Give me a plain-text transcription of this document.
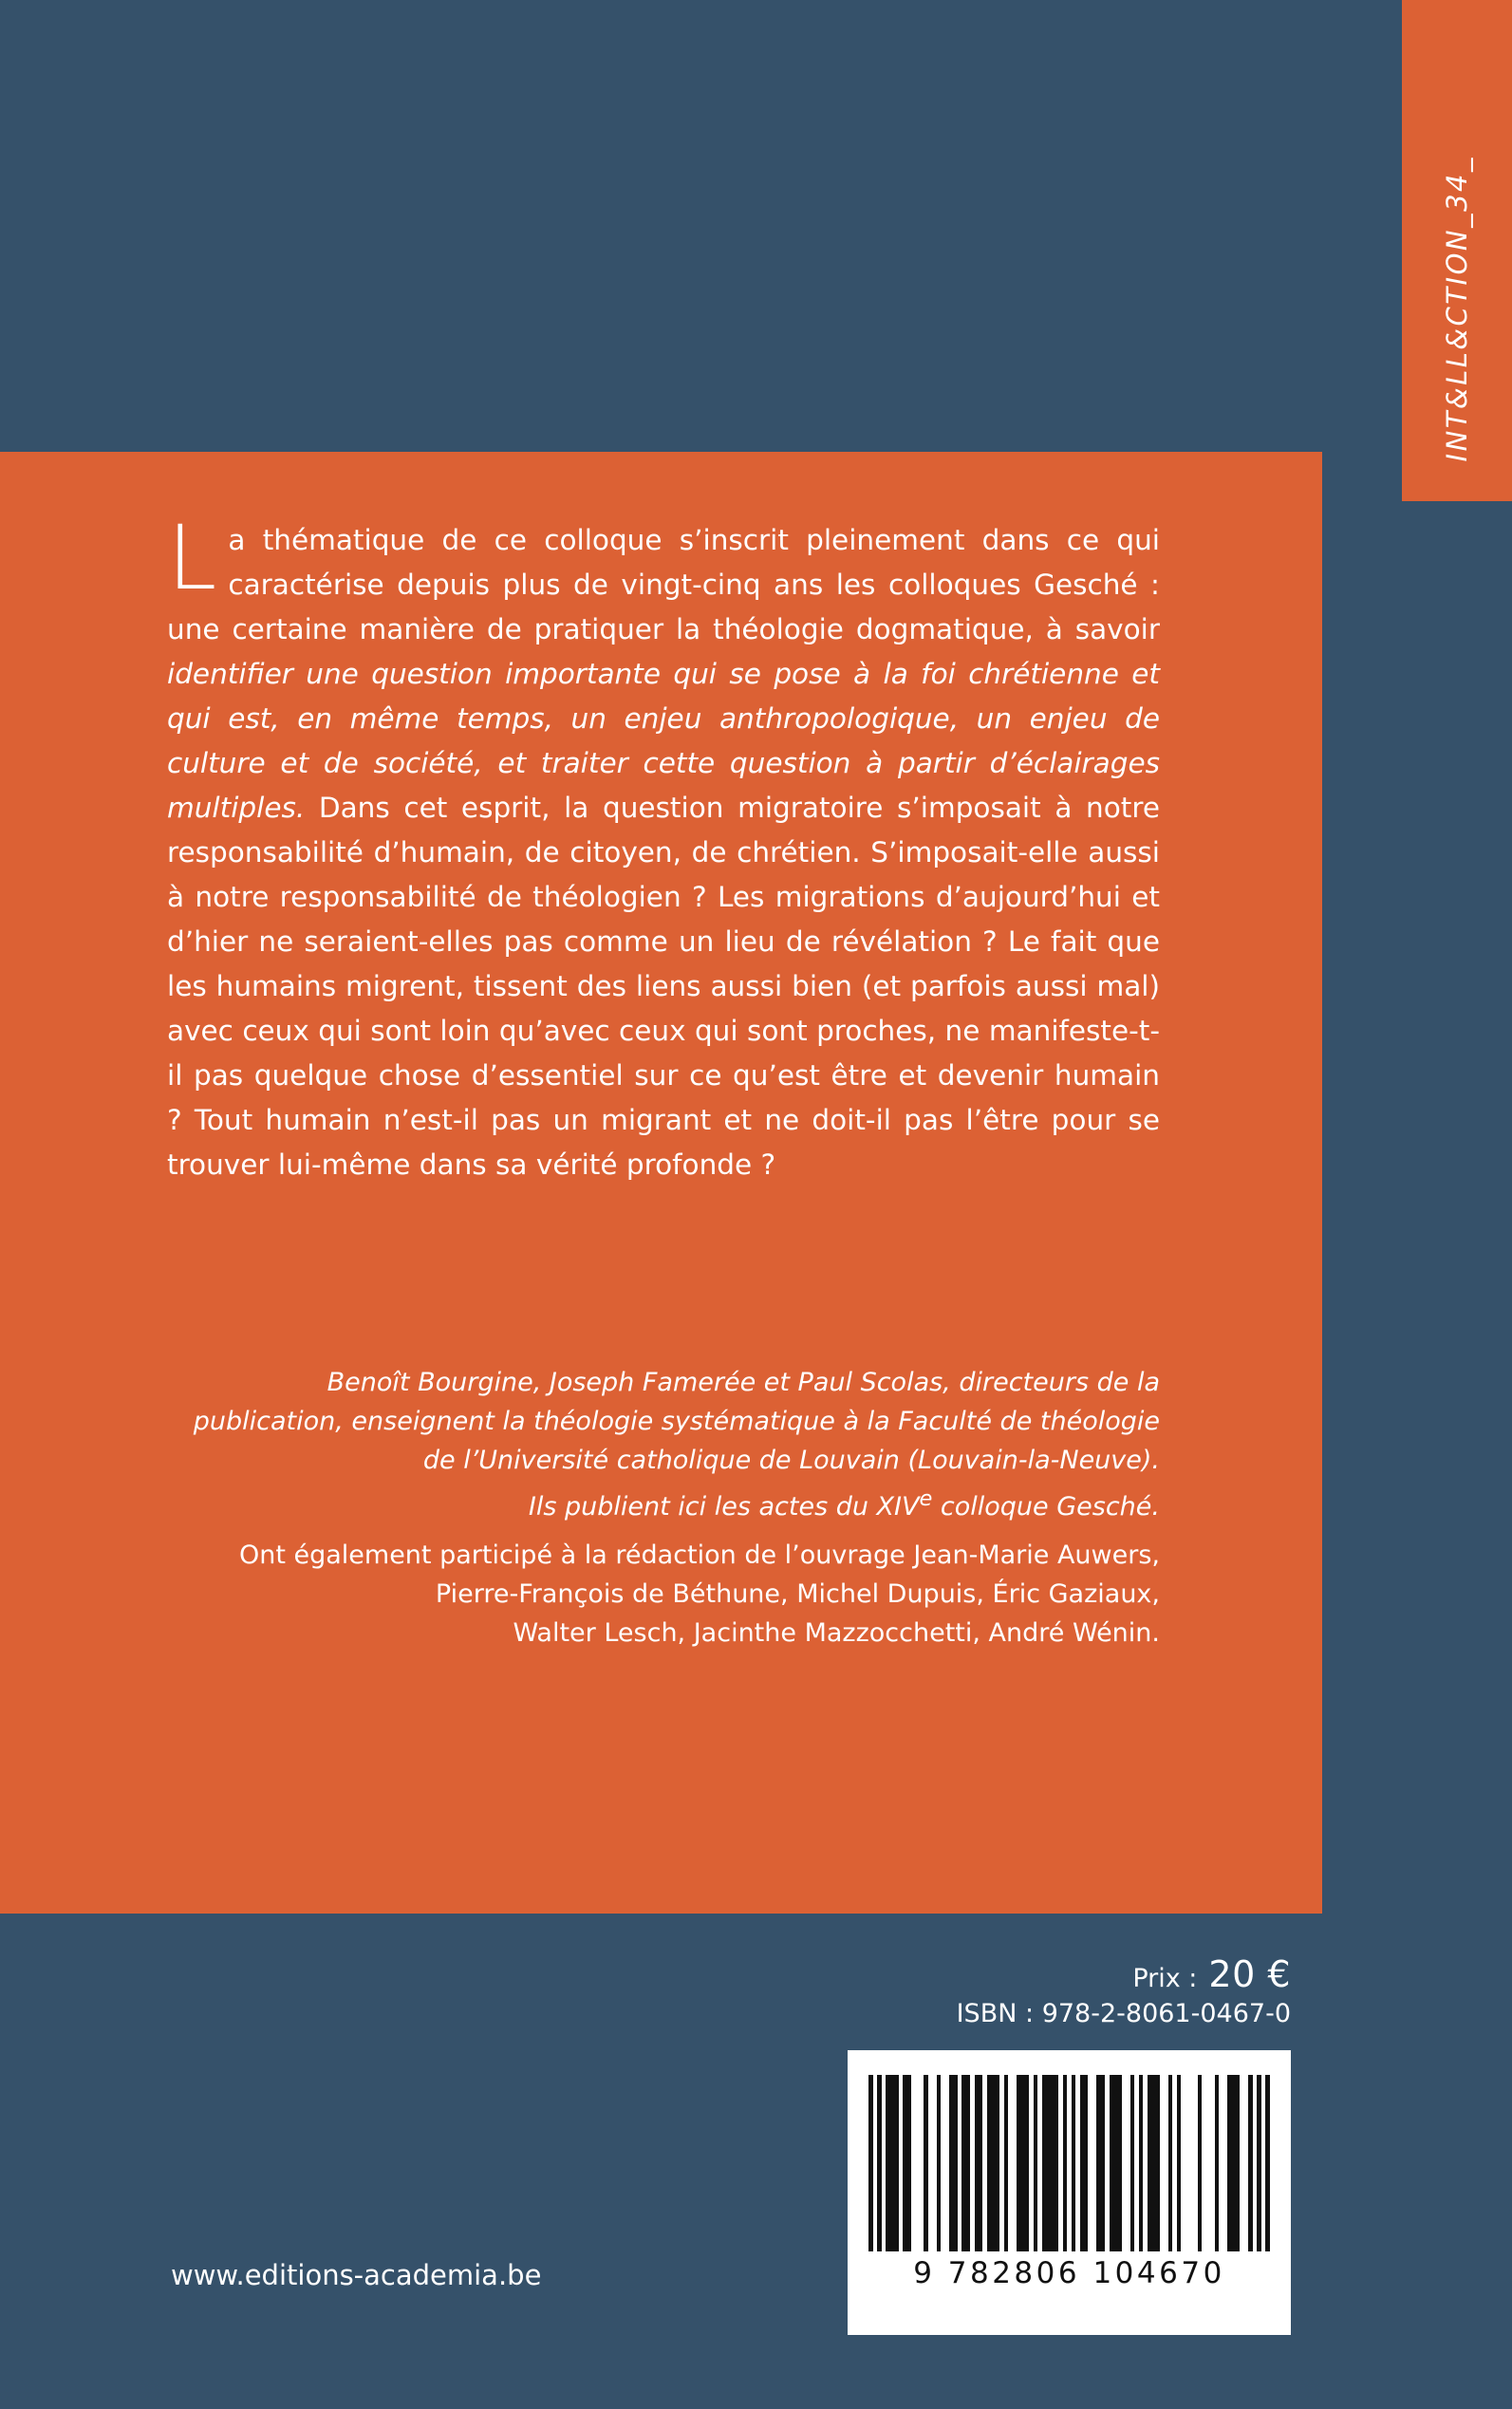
INT&LL&CTION_34_
La thématique de ce colloque s’inscrit pleinement dans ce qui caractérise depuis plus de vingt-cinq ans les colloques Gesché : une certaine manière de pratiquer la théologie dogmatique, à savoir identifier une question importante qui se pose à la foi chrétienne et qui est, en même temps, un enjeu anthropologique, un enjeu de culture et de société, et traiter cette question à partir d’éclairages multiples. Dans cet esprit, la question migratoire s’imposait à notre responsabilité d’humain, de citoyen, de chrétien. S’imposait-elle aussi à notre responsabilité de théologien ? Les migrations d’aujourd’hui et d’hier ne seraient-elles pas comme un lieu de révélation ? Le fait que les humains migrent, tissent des liens aussi bien (et parfois aussi mal) avec ceux qui sont loin qu’avec ceux qui sont proches, ne manifeste-t-il pas quelque chose d’essentiel sur ce qu’est être et devenir humain ? Tout humain n’est-il pas un migrant et ne doit-il pas l’être pour se trouver lui-même dans sa vérité profonde ?
Benoît Bourgine, Joseph Famerée et Paul Scolas, directeurs de la
publication, enseignent la théologie systématique à la Faculté de théologie
de l’Université catholique de Louvain (Louvain-la-Neuve).
Ils publient ici les actes du XIVe colloque Gesché.
Ont également participé à la rédaction de l’ouvrage Jean-Marie Auwers,
Pierre-François de Béthune, Michel Dupuis, Éric Gaziaux,
Walter Lesch, Jacinthe Mazzocchetti, André Wénin.
Prix : 20 €
ISBN : 978-2-8061-0467-0
9 782806 104670
www.editions-academia.be
